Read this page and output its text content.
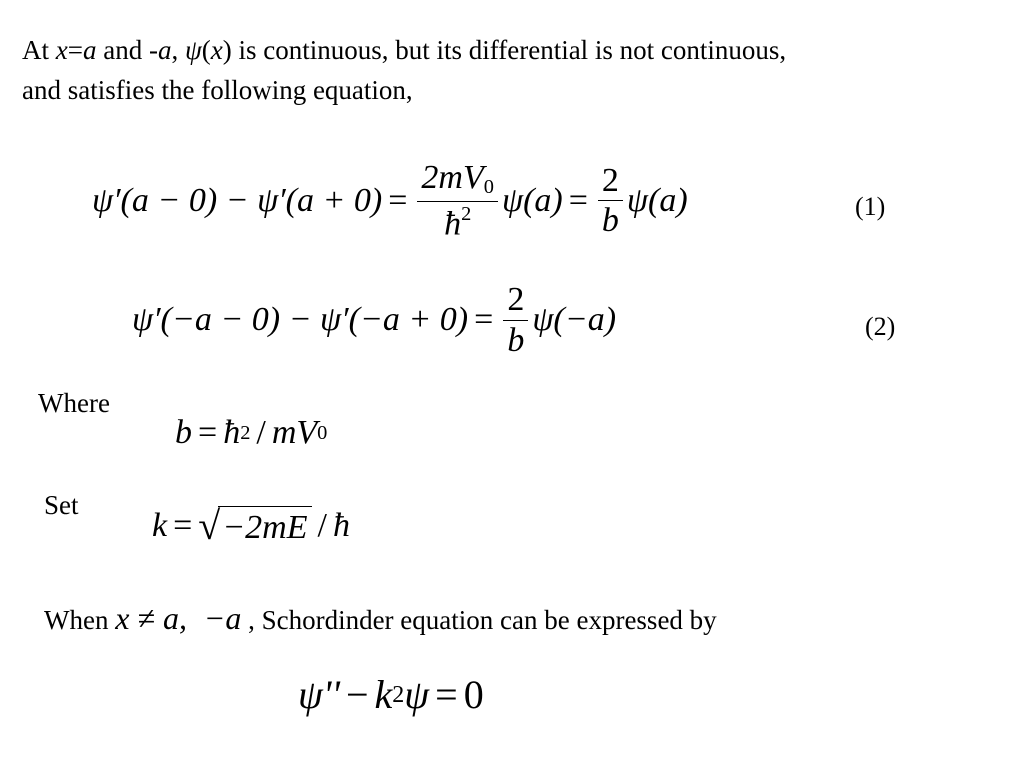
At x=a and -a, ψ(x) is continuous, but its differential is not continuous,
and satisfies the following equation,
$\psi'(a - 0) - \psi'(a + 0) = \frac{2mV_0}{ħ^2} \psi(a) = \frac{2}{b} \psi(a)$	(1)
$\psi'(-a - 0) - \psi'(-a + 0) = \frac{2}{b} \psi(-a)$	(2)
Where
b = ħ 2 / mV 0
Set
k = √ −2mE / ħ
When x ≠ a, −a , Schordinder equation can be expressed by
ψ'' − k 2 ψ = 0
